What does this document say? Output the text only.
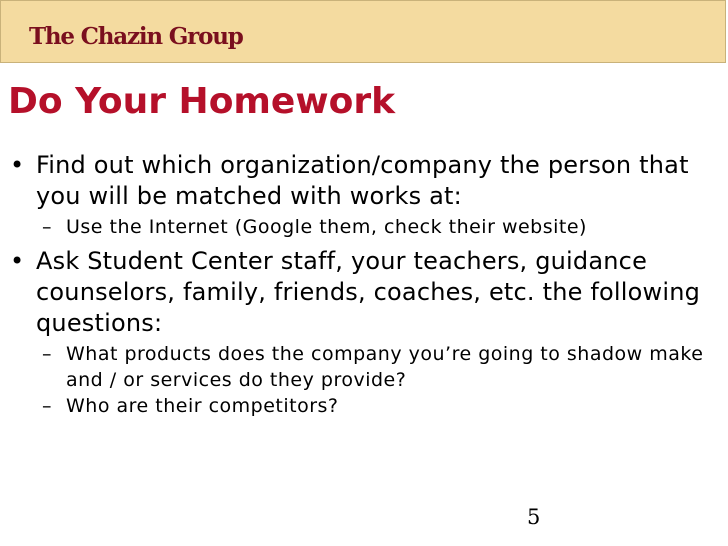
The Chazin Group
Do Your Homework
• Find out which organization/company the person that you will be matched with works at:
– Use the Internet (Google them, check their website)
• Ask Student Center staff, your teachers, guidance counselors, family, friends, coaches, etc. the following questions:
– What products does the company you’re going to shadow make and / or services do they provide?
– Who are their competitors?
5
